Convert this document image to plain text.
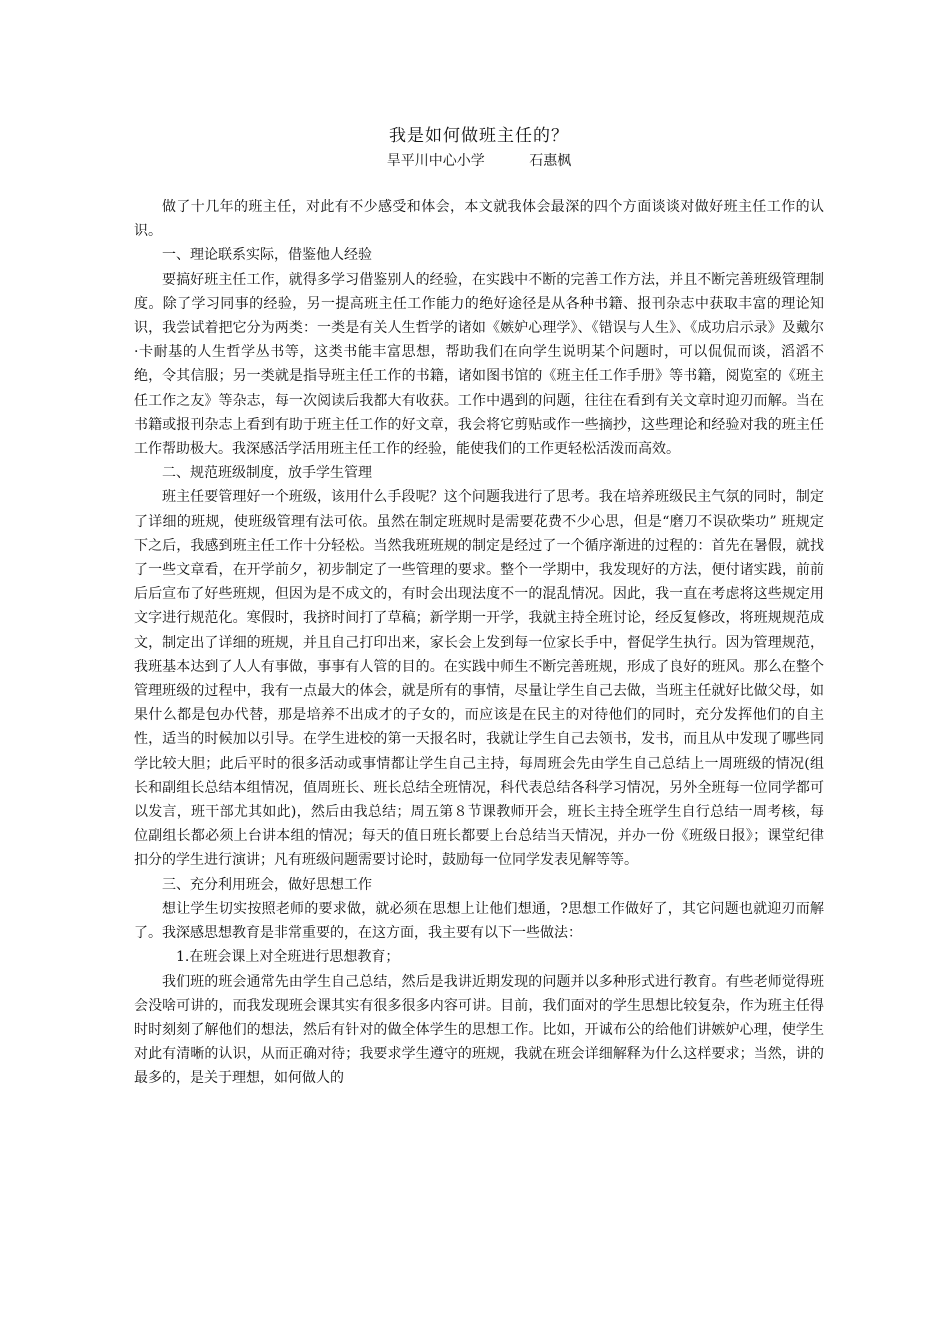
我是如何做班主任的？

旱平川中心小学	石惠枫

做了十几年的班主任，对此有不少感受和体会，本文就我体会最深的四个方面谈谈对做好班主任工作的认识。

一、理论联系实际，借鉴他人经验

要搞好班主任工作，就得多学习借鉴别人的经验，在实践中不断的完善工作方法，并且不断完善班级管理制度。除了学习同事的经验，另一提高班主任工作能力的绝好途径是从各种书籍、报刊杂志中获取丰富的理论知识，我尝试着把它分为两类：一类是有关人生哲学的诸如《嫉妒心理学》、《错误与人生》、《成功启示录》及戴尔·卡耐基的人生哲学丛书等，这类书能丰富思想，帮助我们在向学生说明某个问题时，可以侃侃而谈，滔滔不绝，令其信服；另一类就是指导班主任工作的书籍，诸如图书馆的《班主任工作手册》等书籍，阅览室的《班主任工作之友》等杂志，每一次阅读后我都大有收获。工作中遇到的问题，往往在看到有关文章时迎刃而解。当在书籍或报刊杂志上看到有助于班主任工作的好文章，我会将它剪贴或作一些摘抄，这些理论和经验对我的班主任工作帮助极大。我深感活学活用班主任工作的经验，能使我们的工作更轻松活泼而高效。

二、规范班级制度，放手学生管理

班主任要管理好一个班级，该用什么手段呢？这个问题我进行了思考。我在培养班级民主气氛的同时，制定了详细的班规，使班级管理有法可依。虽然在制定班规时是需要花费不少心思，但是“磨刀不误砍柴功” 班规定下之后，我感到班主任工作十分轻松。当然我班班规的制定是经过了一个循序渐进的过程的：首先在暑假，就找了一些文章看，在开学前夕，初步制定了一些管理的要求。整个一学期中，我发现好的方法，便付诸实践，前前后后宣布了好些班规，但因为是不成文的，有时会出现法度不一的混乱情况。因此，我一直在考虑将这些规定用文字进行规范化。寒假时，我挤时间打了草稿；新学期一开学，我就主持全班讨论，经反复修改，将班规规范成文，制定出了详细的班规，并且自己打印出来，家长会上发到每一位家长手中，督促学生执行。因为管理规范，我班基本达到了人人有事做，事事有人管的目的。在实践中师生不断完善班规，形成了良好的班风。那么在整个管理班级的过程中，我有一点最大的体会，就是所有的事情，尽量让学生自己去做，当班主任就好比做父母，如果什么都是包办代替，那是培养不出成才的子女的，而应该是在民主的对待他们的同时，充分发挥他们的自主性，适当的时候加以引导。在学生进校的第一天报名时，我就让学生自己去领书，发书，而且从中发现了哪些同学比较大胆；此后平时的很多活动或事情都让学生自己主持，每周班会先由学生自己总结上一周班级的情况(组长和副组长总结本组情况，值周班长、班长总结全班情况，科代表总结各科学习情况，另外全班每一位同学都可以发言，班干部尤其如此)，然后由我总结；周五第８节课教师开会，班长主持全班学生自行总结一周考核，每位副组长都必须上台讲本组的情况；每天的值日班长都要上台总结当天情况，并办一份《班级日报》；课堂纪律扣分的学生进行演讲；凡有班级问题需要讨论时，鼓励每一位同学发表见解等等。

三、充分利用班会，做好思想工作

想让学生切实按照老师的要求做，就必须在思想上让他们想通，?思想工作做好了，其它问题也就迎刃而解了。我深感思想教育是非常重要的，在这方面，我主要有以下一些做法：

1.在班会课上对全班进行思想教育；

我们班的班会通常先由学生自己总结，然后是我讲近期发现的问题并以多种形式进行教育。有些老师觉得班会没啥可讲的，而我发现班会课其实有很多很多内容可讲。目前，我们面对的学生思想比较复杂，作为班主任得时时刻刻了解他们的想法，然后有针对的做全体学生的思想工作。比如，开诚布公的给他们讲嫉妒心理，使学生对此有清晰的认识，从而正确对待；我要求学生遵守的班规，我就在班会详细解释为什么这样要求；当然，讲的最多的，是关于理想，如何做人的
